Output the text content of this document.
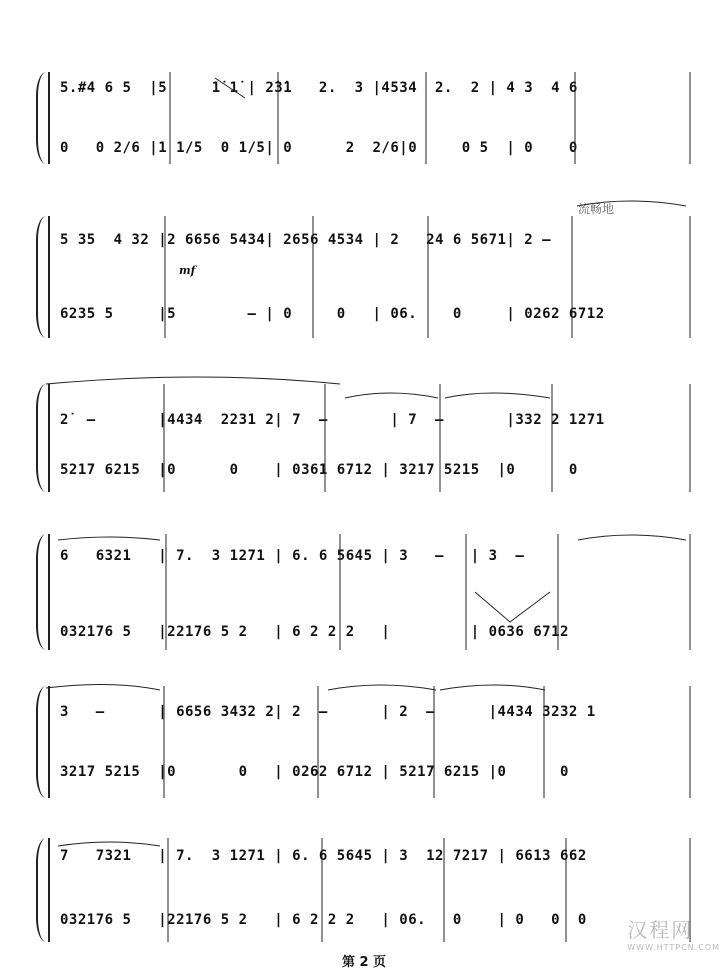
流畅地
mf
5.#4 6 5  |5     1̇ 1̇ | 2̇3̇1   2.  3 |4534  2.  2 | 4 3  4 6
0   0 2/6 |1 1/5  0 1/5| 0      2  2/6|0     0 5  | 0    0
5 35  4 32 |2 6656 5434| 2656 4534 | 2   24 6 5671| 2 —
6235 5     |5        — | 0     0   | 06.    0     | 0262 6712
2̇  —       |4434  2231 2| 7  —       | 7  —       |332 2 1271
5217 6215  |0      0    | 0361 6712 | 3217 5215  |0      0
6   6321   | 7.  3 1271 | 6. 6 5645 | 3   —   | 3  —
032176 5   |22176 5 2   | 6 2 2 2   |         | 0636 6712
3   —      | 6656 3432 2| 2  —      | 2  —      |4434 3232 1
3217 5215  |0       0   | 0262 6712 | 5217 6215 |0      0
7   7321   | 7.  3 1271 | 6. 6 5645 | 3  12 7217 | 6613 662
032176 5   |22176 5 2   | 6 2 2 2   | 06.   0    | 0   0  0 汉程网
WWW.HTTPCN.COM
第 2 页
